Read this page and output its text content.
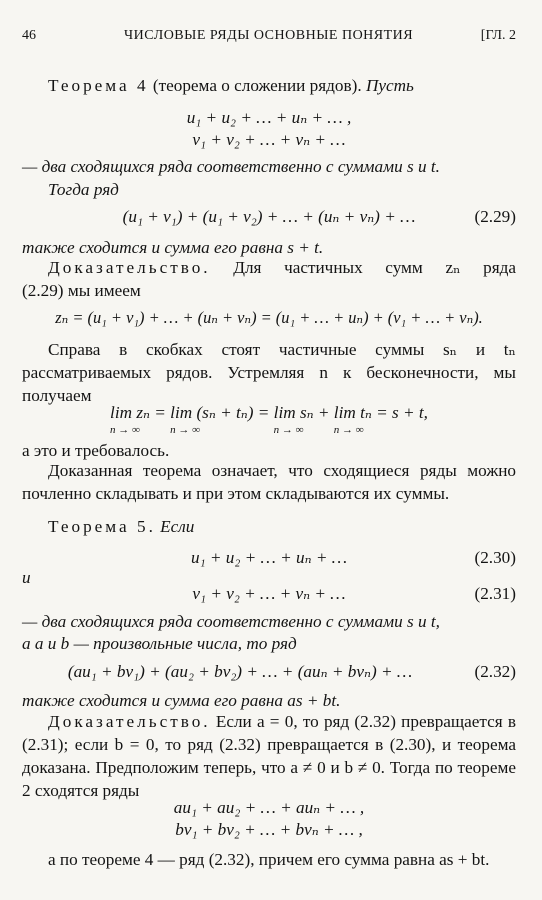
46	ЧИСЛОВЫЕ РЯДЫ ОСНОВНЫЕ ПОНЯТИЯ	[ГЛ. 2
Теорема 4 (теорема о сложении рядов). Пусть
u₁ + u₂ + … + uₙ + … ,
v₁ + v₂ + … + vₙ + …
— два сходящихся ряда соответственно с суммами s и t.
Тогда ряд
(u₁ + v₁) + (u₁ + v₂) + … + (uₙ + vₙ) + …	(2.29)
также сходится и сумма его равна s + t.
Доказательство. Для частичных сумм zₙ ряда
(2.29) мы имеем
zₙ = (u₁ + v₁) + … + (uₙ + vₙ) = (u₁ + … + uₙ) + (v₁ + … + vₙ).
Справа в скобках стоят частичные суммы sₙ и tₙ рассматриваемых рядов. Устремляя n к бесконечности, мы получаем
lim
n → ∞
zₙ = lim
n → ∞
(sₙ + tₙ) = lim
n → ∞
sₙ + lim
n → ∞
tₙ = s + t,
а это и требовалось.
Доказанная теорема означает, что сходящиеся ряды можно почленно складывать и при этом складываются их суммы.
Теорема 5. Если
u₁ + u₂ + … + uₙ + …	(2.30)
и
v₁ + v₂ + … + vₙ + …	(2.31)
— два сходящихся ряда соответственно с суммами s и t,
а a и b — произвольные числа, то ряд
(au₁ + bv₁) + (au₂ + bv₂) + … + (auₙ + bvₙ) + …	(2.32)
также сходится и сумма его равна as + bt.
Доказательство. Если a = 0, то ряд (2.32) превращается в (2.31); если b = 0, то ряд (2.32) превращается в (2.30), и теорема доказана. Предположим теперь, что a ≠ 0 и b ≠ 0. Тогда по теореме 2 сходятся ряды
au₁ + au₂ + … + auₙ + … ,
bv₁ + bv₂ + … + bvₙ + … ,
а по теореме 4 — ряд (2.32), причем его сумма равна as + bt.
